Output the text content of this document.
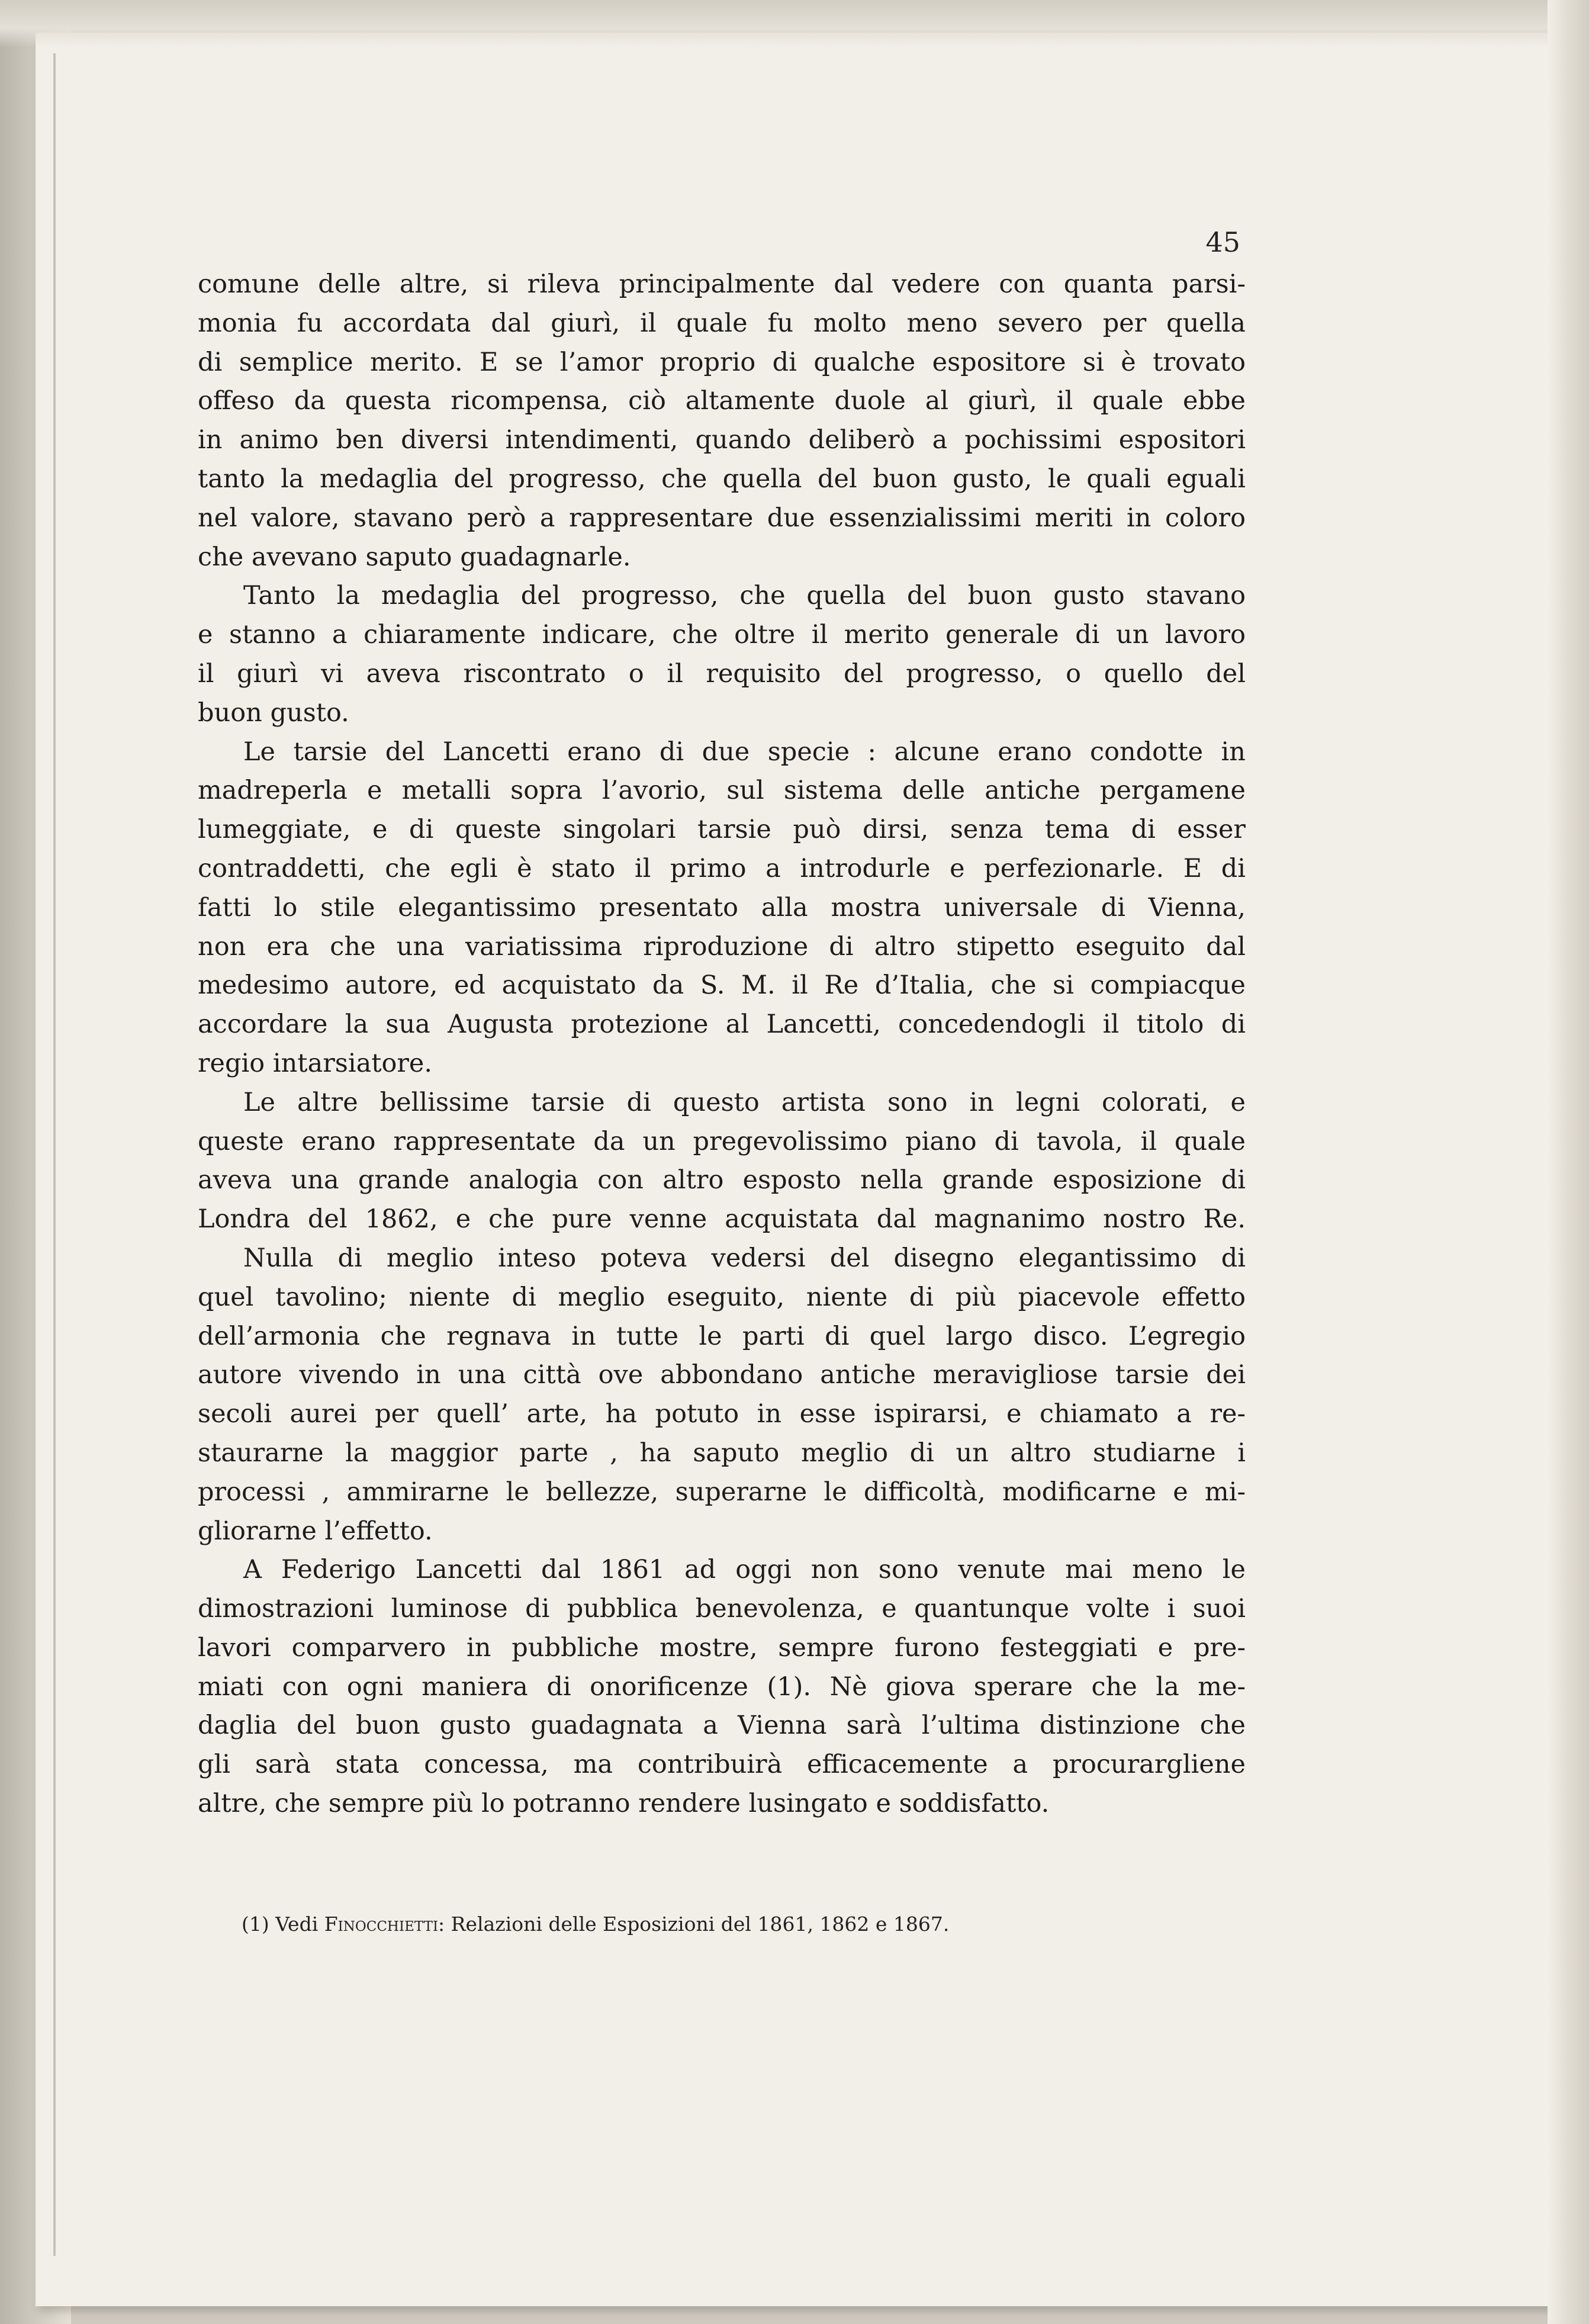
45
comune delle altre, si rileva principalmente dal vedere con quanta parsi-
monia fu accordata dal giurì, il quale fu molto meno severo per quella
di semplice merito. E se l’amor proprio di qualche espositore si è trovato
offeso da questa ricompensa, ciò altamente duole al giurì, il quale ebbe
in animo ben diversi intendimenti, quando deliberò a pochissimi espositori
tanto la medaglia del progresso, che quella del buon gusto, le quali eguali
nel valore, stavano però a rappresentare due essenzialissimi meriti in coloro
che avevano saputo guadagnarle.
Tanto la medaglia del progresso, che quella del buon gusto stavano
e stanno a chiaramente indicare, che oltre il merito generale di un lavoro
il giurì vi aveva riscontrato o il requisito del progresso, o quello del
buon gusto.
Le tarsie del Lancetti erano di due specie : alcune erano condotte in
madreperla e metalli sopra l’avorio, sul sistema delle antiche pergamene
lumeggiate, e di queste singolari tarsie può dirsi, senza tema di esser
contraddetti, che egli è stato il primo a introdurle e perfezionarle. E di
fatti lo stile elegantissimo presentato alla mostra universale di Vienna,
non era che una variatissima riproduzione di altro stipetto eseguito dal
medesimo autore, ed acquistato da S. M. il Re d’Italia, che si compiacque
accordare la sua Augusta protezione al Lancetti, concedendogli il titolo di
regio intarsiatore.
Le altre bellissime tarsie di questo artista sono in legni colorati, e
queste erano rappresentate da un pregevolissimo piano di tavola, il quale
aveva una grande analogia con altro esposto nella grande esposizione di
Londra del 1862, e che pure venne acquistata dal magnanimo nostro Re.
Nulla di meglio inteso poteva vedersi del disegno elegantissimo di
quel tavolino; niente di meglio eseguito, niente di più piacevole effetto
dell’armonia che regnava in tutte le parti di quel largo disco. L’egregio
autore vivendo in una città ove abbondano antiche meravigliose tarsie dei
secoli aurei per quell’ arte, ha potuto in esse ispirarsi, e chiamato a re-
staurarne la maggior parte , ha saputo meglio di un altro studiarne i
processi , ammirarne le bellezze, superarne le difficoltà, modificarne e mi-
gliorarne l’effetto.
A Federigo Lancetti dal 1861 ad oggi non sono venute mai meno le
dimostrazioni luminose di pubblica benevolenza, e quantunque volte i suoi
lavori comparvero in pubbliche mostre, sempre furono festeggiati e pre-
miati con ogni maniera di onorificenze (1). Nè giova sperare che la me-
daglia del buon gusto guadagnata a Vienna sarà l’ultima distinzione che
gli sarà stata concessa, ma contribuirà efficacemente a procurargliene
altre, che sempre più lo potranno rendere lusingato e soddisfatto.
(1) Vedi Finocchietti: Relazioni delle Esposizioni del 1861, 1862 e 1867.
